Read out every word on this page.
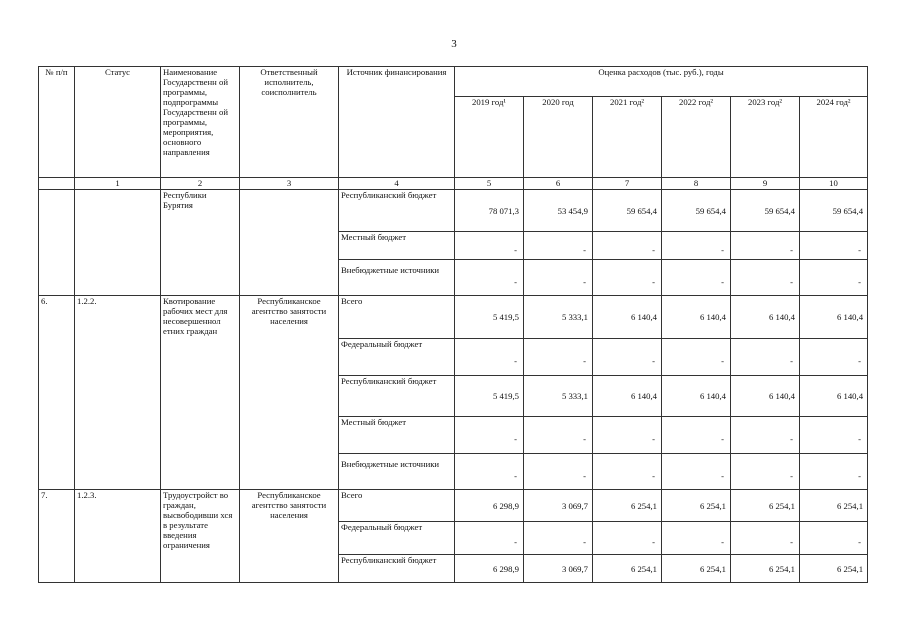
3
№ п/п	Статус	Наименование Государственн ой программы, подпрограммы Государственн ой программы, мероприятия, основного направления	Ответственный исполнитель, соисполнитель	Источник финансирования	Оценка расходов (тыс. руб.), годы					
					2019 год¹	2020 год	2021 год²	2022 год²	2023 год²	2024 год²
	1	2	3	4	5	6	7	8	9	10
		Республики Бурятия		Республиканский бюджет	78 071,3	53 454,9	59 654,4	59 654,4	59 654,4	59 654,4
				Местный бюджет	-	-	-	-	-	-
				Внебюджетные источники	-	-	-	-	-	-
6.	1.2.2.	Квотирование рабочих мест для несовершеннол етних граждан	Республиканское агентство занятости населения	Всего	5 419,5	5 333,1	6 140,4	6 140,4	6 140,4	6 140,4
				Федеральный бюджет	-	-	-	-	-	-
				Республиканский бюджет	5 419,5	5 333,1	6 140,4	6 140,4	6 140,4	6 140,4
				Местный бюджет	-	-	-	-	-	-
				Внебюджетные источники	-	-	-	-	-	-
7.	1.2.3.	Трудоустройст во граждан, высвободивши хся в результате введения ограничения	Республиканское агентство занятости населения	Всего	6 298,9	3 069,7	6 254,1	6 254,1	6 254,1	6 254,1
				Федеральный бюджет	-	-	-	-	-	-
				Республиканский бюджет	6 298,9	3 069,7	6 254,1	6 254,1	6 254,1	6 254,1
